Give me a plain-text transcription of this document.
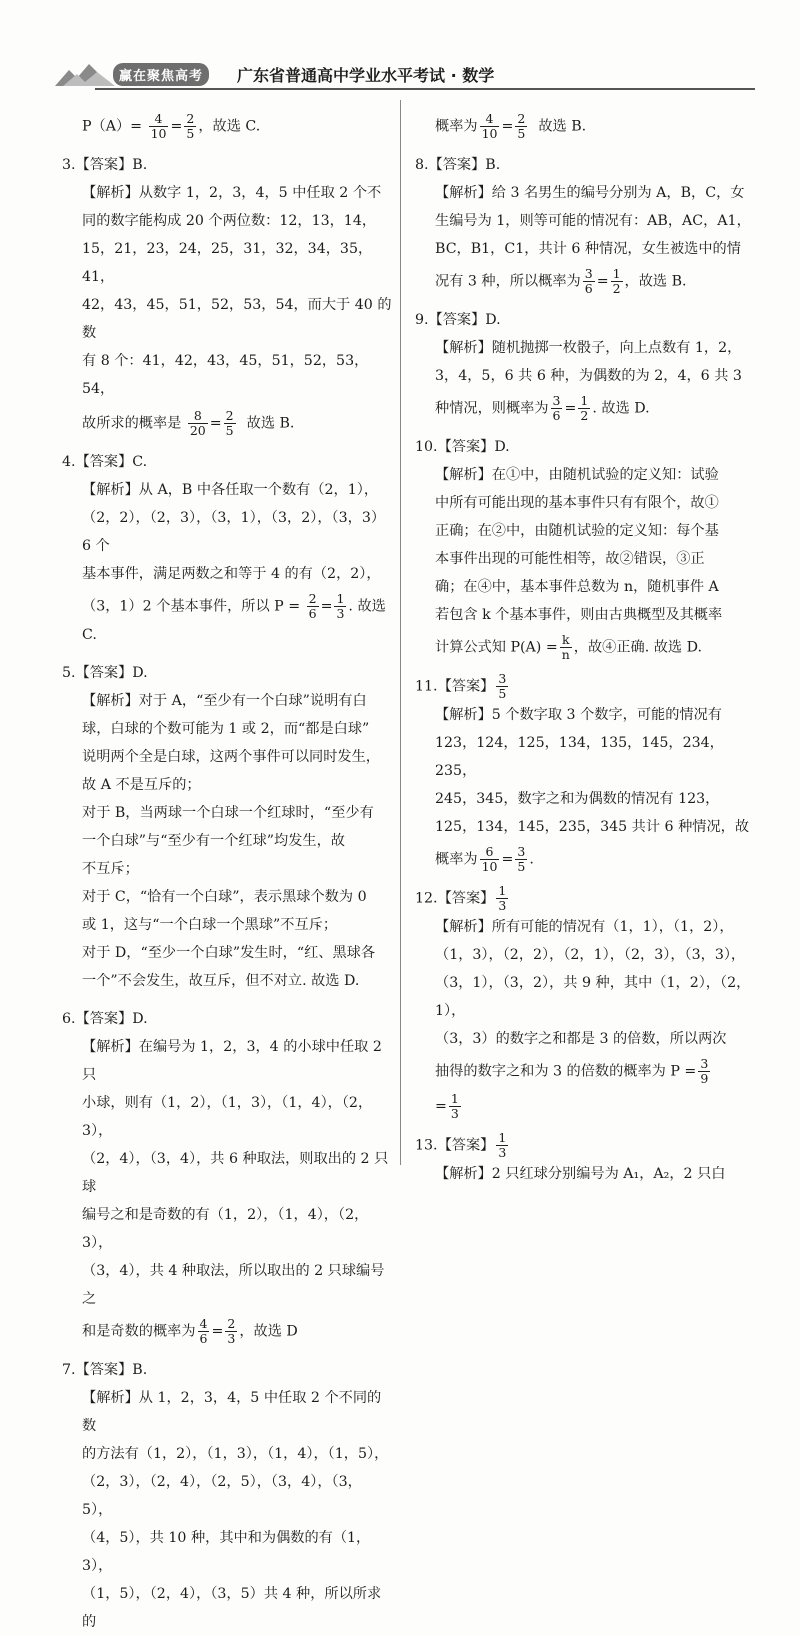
赢在聚焦高考	广东省普通高中学业水平考试 · 数学

$P(A)= \frac{4}{10} = \frac{2}{5}$ ，故选 C.

3.【答案】B.

【解析】从数字 1，2，3，4，5 中任取 2 个不

同的数字能构成 20 个两位数：12，13，14，

15，21，23，24，25，31，32，34，35，41，

42，43，45，51，52，53，54，而大于 40 的数

有 8 个：41，42，43，45，51，52，53，54，

故所求的概率是 $\frac{8}{20} = \frac{2}{5}$ 故选 B.

4.【答案】C.

【解析】从 A，B 中各任取一个数有（2，1），

（2，2），（2，3），（3，1），（3，2），（3，3）6 个

基本事件，满足两数之和等于 4 的有（2，2），

（3，1）2 个基本事件，所以 $P = \frac{2}{6} = \frac{1}{3}$ . 故选 C.

5.【答案】D.

【解析】对于 A，“至少有一个白球”说明有白

球，白球的个数可能为 1 或 2，而“都是白球”

说明两个全是白球，这两个事件可以同时发生，

故 A 不是互斥的；

对于 B，当两球一个白球一个红球时，“至少有

一个白球”与“至少有一个红球”均发生，故

不互斥；

对于 C，“恰有一个白球”，表示黑球个数为 0

或 1，这与“一个白球一个黑球”不互斥；

对于 D，“至少一个白球”发生时，“红、黑球各

一个”不会发生，故互斥，但不对立. 故选 D.

6.【答案】D.

【解析】在编号为 1，2，3，4 的小球中任取 2 只

小球，则有（1，2），（1，3），（1，4），（2，3），

（2，4），（3，4），共 6 种取法，则取出的 2 只球

编号之和是奇数的有（1，2），（1，4），（2，3），

（3，4），共 4 种取法，所以取出的 2 只球编号之

和是奇数的概率为 $\frac{4}{6} = \frac{2}{3}$ ，故选 D

7.【答案】B.

【解析】从 1，2，3，4，5 中任取 2 个不同的数

的方法有（1，2），（1，3），（1，4），（1，5），

（2，3），（2，4），（2，5），（3，4），（3，5），

（4，5），共 10 种，其中和为偶数的有（1，3），

（1，5），（2，4），（3，5）共 4 种，所以所求的

概率为 $\frac{4}{10} = \frac{2}{5}$ 故选 B.

8.【答案】B.

【解析】给 3 名男生的编号分别为 A，B，C，女

生编号为 1，则等可能的情况有：AB，AC，A1，

BC，B1，C1，共计 6 种情况，女生被选中的情

况有 3 种，所以概率为 $\frac{3}{6} = \frac{1}{2}$ ，故选 B.

9.【答案】D.

【解析】随机抛掷一枚骰子，向上点数有 1，2，

3，4，5，6 共 6 种，为偶数的为 2，4，6 共 3

种情况，则概率为 $\frac{3}{6} = \frac{1}{2}$ . 故选 D.

10.【答案】D.

【解析】在①中，由随机试验的定义知：试验

中所有可能出现的基本事件只有有限个，故①

正确；在②中，由随机试验的定义知：每个基

本事件出现的可能性相等，故②错误，③正

确；在④中，基本事件总数为 n，随机事件 A

若包含 k 个基本事件，则由古典概型及其概率

计算公式知 $P(A) = \frac{k}{n}$ ，故④正确. 故选 D.

11.【答案】 $\frac{3}{5}$

【解析】5 个数字取 3 个数字，可能的情况有

123，124，125，134，135，145，234，235，

245，345，数字之和为偶数的情况有 123，

125，134，145，235，345 共计 6 种情况，故

概率为 $\frac{6}{10} = \frac{3}{5}$ .

12.【答案】 $\frac{1}{3}$

【解析】所有可能的情况有（1，1），（1，2），

（1，3），（2，2），（2，1），（2，3），（3，3），

（3，1），（3，2），共 9 种，其中（1，2），（2，1），

（3，3）的数字之和都是 3 的倍数，所以两次

抽得的数字之和为 3 的倍数的概率为 $P = \frac{3}{9}$

= $\frac{1}{3}$

13.【答案】 $\frac{1}{3}$

【解析】2 只红球分别编号为 A₁，A₂，2 只白
